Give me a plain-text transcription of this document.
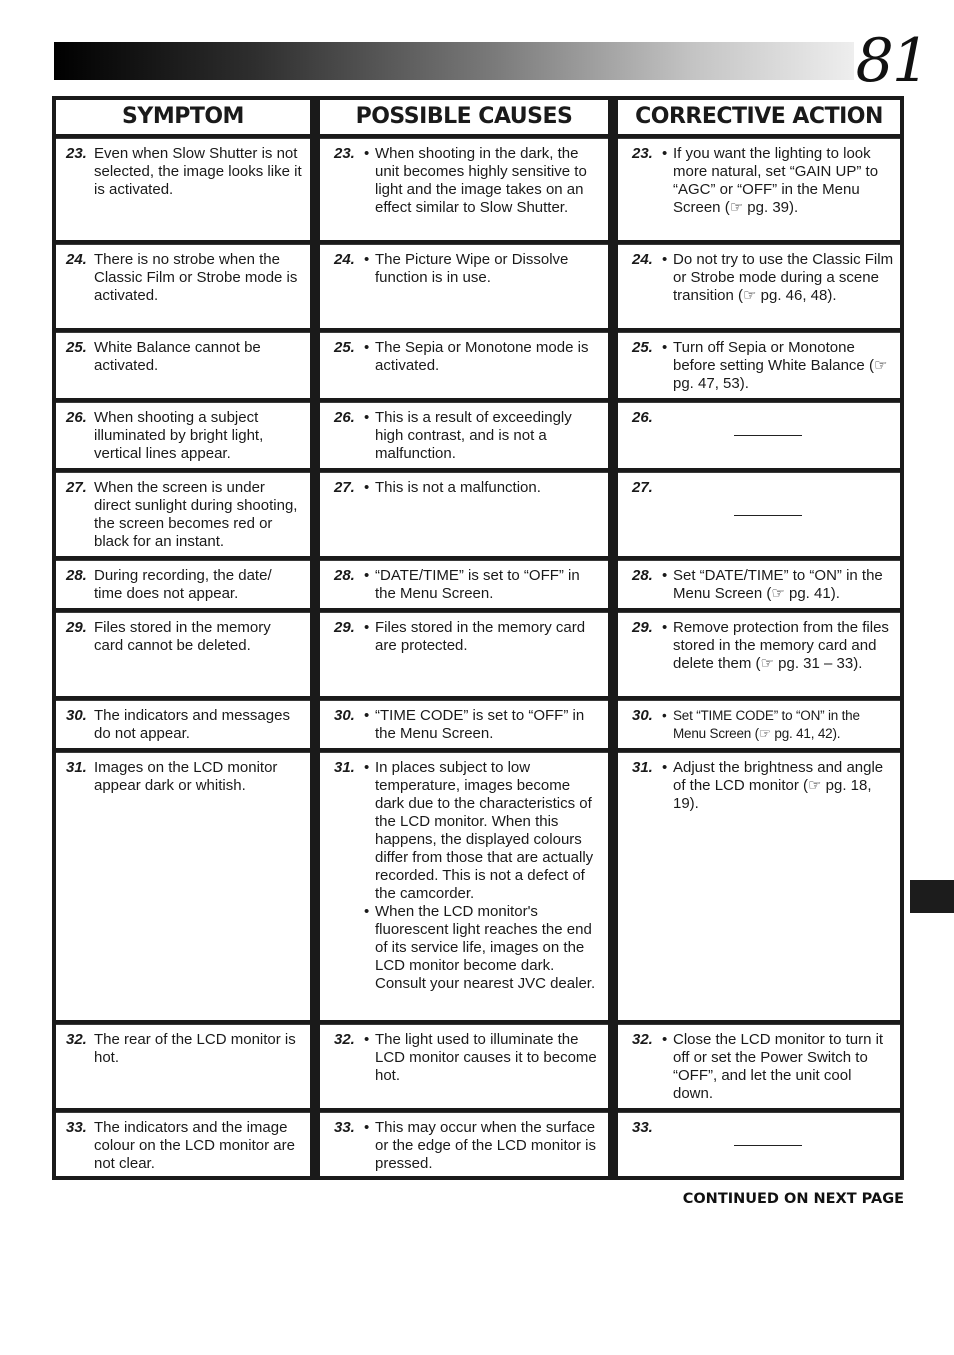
81
SYMPTOM	POSSIBLE CAUSES	CORRECTIVE ACTION
23. Even when Slow Shutter is not selected, the image looks like it is activated.
23. • When shooting in the dark, the unit becomes highly sensitive to light and the image takes on an effect similar to Slow Shutter.
23. • If you want the lighting to look more natural, set “GAIN UP” to “AGC” or “OFF” in the Menu Screen (☞ pg. 39).
24. There is no strobe when the Classic Film or Strobe mode is activated.
24. • The Picture Wipe or Dissolve function is in use.
24. • Do not try to use the Classic Film or Strobe mode during a scene transition (☞ pg. 46, 48).
25. White Balance cannot be activated.
25. • The Sepia or Monotone mode is activated.
25. • Turn off Sepia or Monotone before setting White Balance (☞ pg. 47, 53).
26. When shooting a subject illuminated by bright light, vertical lines appear.
26. • This is a result of exceedingly high contrast, and is not a malfunction.
26.
27. When the screen is under direct sunlight during shooting, the screen becomes red or black for an instant.
27. • This is not a malfunction.	27.
28. During recording, the date/ time does not appear.
28. • “DATE/TIME” is set to “OFF” in the Menu Screen.
28. • Set “DATE/TIME” to “ON” in the Menu Screen (☞ pg. 41).
29. Files stored in the memory card cannot be deleted.
29. • Files stored in the memory card are protected.
29. • Remove protection from the files stored in the memory card and delete them (☞ pg. 31 – 33).
30. The indicators and messages do not appear.
30. • “TIME CODE” is set to “OFF” in the Menu Screen.
30. • Set “TIME CODE” to “ON” in the Menu Screen (☞ pg. 41, 42).
31. Images on the LCD monitor appear dark or whitish.
31. • In places subject to low temperature, images become dark due to the characteristics of the LCD monitor. When this happens, the displayed colours differ from those that are actually recorded. This is not a defect of the camcorder.
• When the LCD monitor's fluorescent light reaches the end of its service life, images on the LCD monitor become dark. Consult your nearest JVC dealer.
31. • Adjust the brightness and angle of the LCD monitor (☞ pg. 18, 19).
32. The rear of the LCD monitor is hot.
32. • The light used to illuminate the LCD monitor causes it to become hot.
32. • Close the LCD monitor to turn it off or set the Power Switch to “OFF”, and let the unit cool down.
33. The indicators and the image colour on the LCD monitor are not clear.
33. • This may occur when the surface or the edge of the LCD monitor is pressed.
33.
CONTINUED ON NEXT PAGE
